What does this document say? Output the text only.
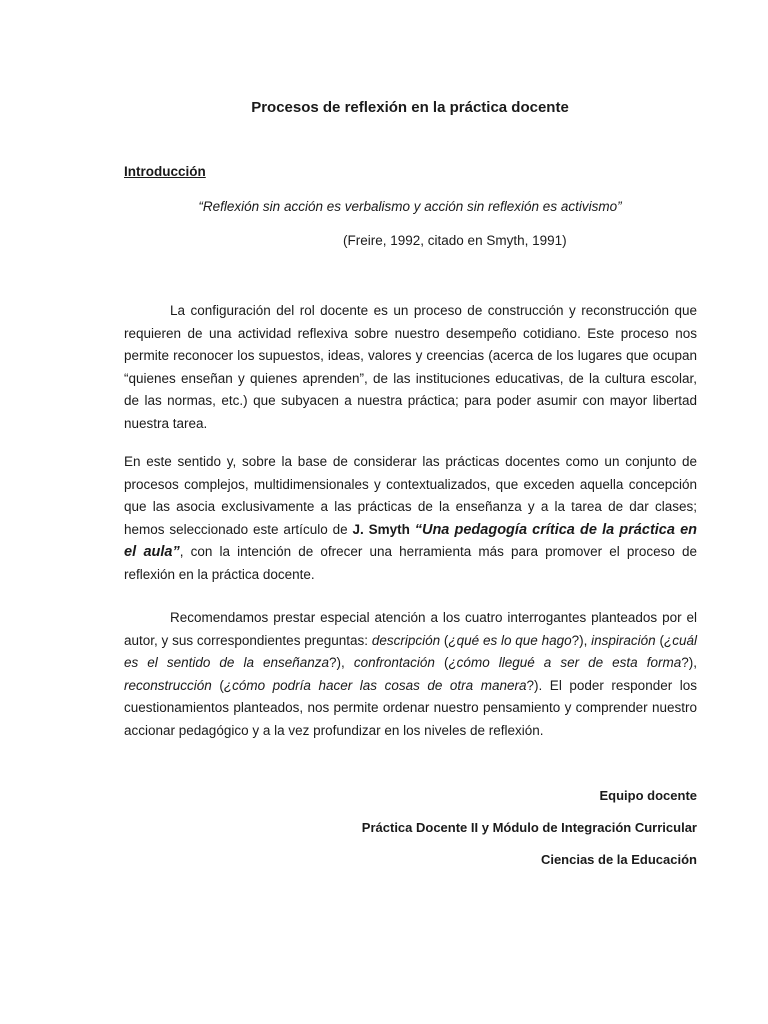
Procesos de reflexión en la práctica docente
Introducción
“Reflexión sin acción es verbalismo y acción sin reflexión es activismo”
(Freire, 1992, citado en Smyth, 1991)

La configuración del rol docente es un proceso de construcción y reconstrucción que requieren de una actividad reflexiva sobre nuestro desempeño cotidiano. Este proceso nos permite reconocer los supuestos, ideas, valores y creencias (acerca de los lugares que ocupan “quienes enseñan y quienes aprenden”, de las instituciones educativas, de la cultura escolar, de las normas, etc.) que subyacen a nuestra práctica; para poder asumir con mayor libertad nuestra tarea.

En este sentido y, sobre la base de considerar las prácticas docentes como un conjunto de procesos complejos, multidimensionales y contextualizados, que exceden aquella concepción que las asocia exclusivamente a las prácticas de la enseñanza y a la tarea de dar clases; hemos seleccionado este artículo de J. Smyth “Una pedagogía crítica de la práctica en el aula”, con la intención de ofrecer una herramienta más para promover el proceso de reflexión en la práctica docente.

Recomendamos prestar especial atención a los cuatro interrogantes planteados por el autor, y sus correspondientes preguntas: descripción (¿qué es lo que hago?), inspiración (¿cuál es el sentido de la enseñanza?), confrontación (¿cómo llegué a ser de esta forma?), reconstrucción (¿cómo podría hacer las cosas de otra manera?). El poder responder los cuestionamientos planteados, nos permite ordenar nuestro pensamiento y comprender nuestro accionar pedagógico y a la vez profundizar en los niveles de reflexión.

Equipo docente
Práctica Docente II y Módulo de Integración Curricular
Ciencias de la Educación
